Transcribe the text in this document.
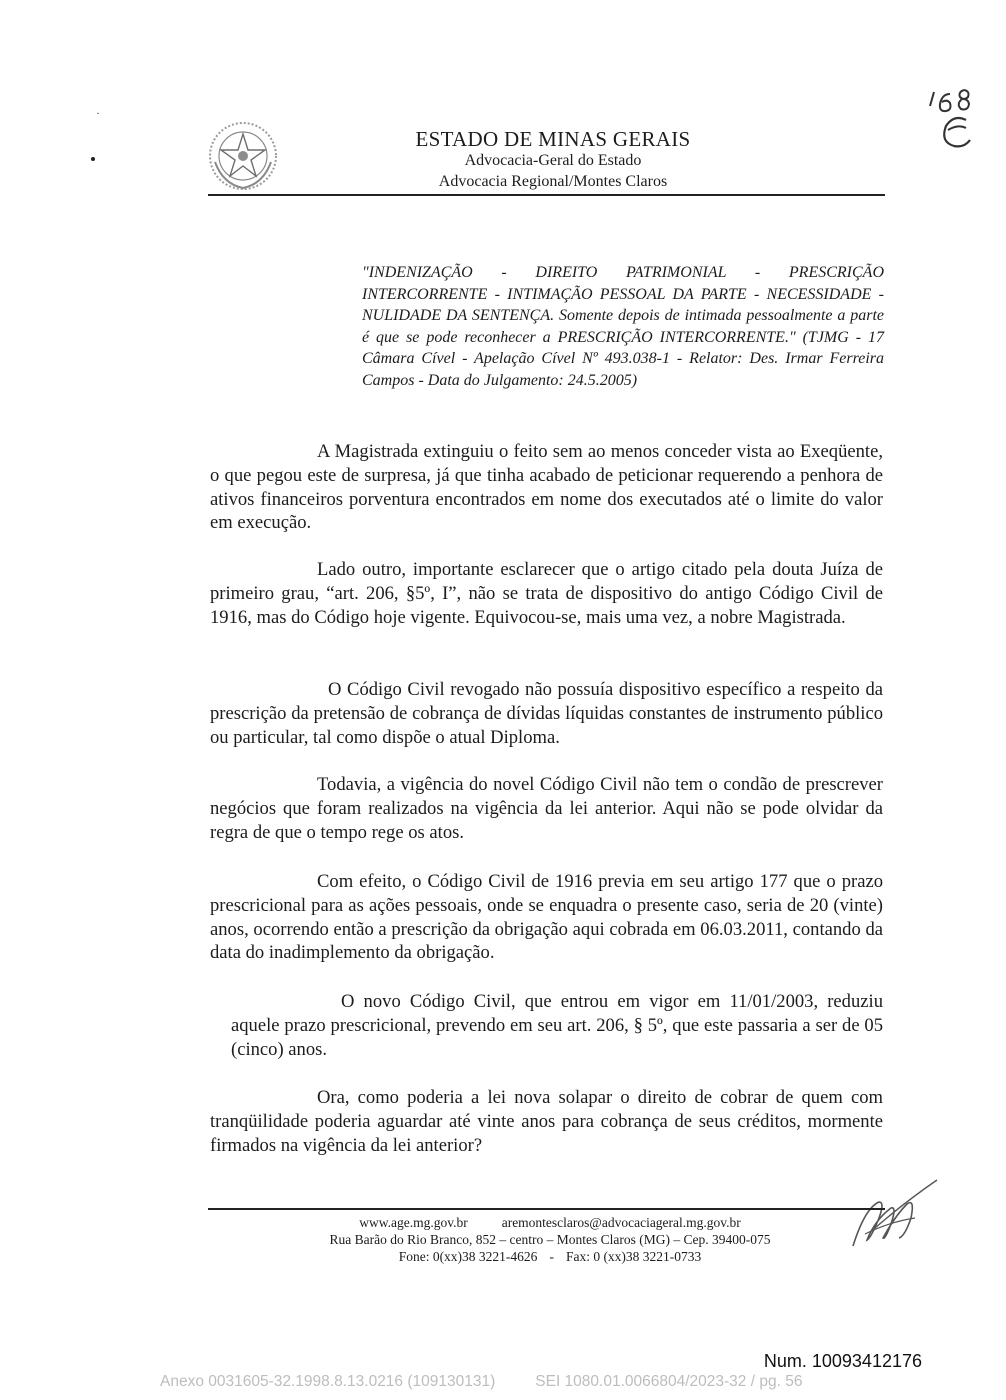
·
ESTADO DE MINAS GERAIS
Advocacia-Geral do Estado
Advocacia Regional/Montes Claros
"INDENIZAÇÃO - DIREITO PATRIMONIAL - PRESCRIÇÃO INTERCORRENTE - INTIMAÇÃO PESSOAL DA PARTE - NECESSIDADE - NULIDADE DA SENTENÇA. Somente depois de intimada pessoalmente a parte é que se pode reconhecer a PRESCRIÇÃO INTERCORRENTE." (TJMG - 17 Câmara Cível - Apelação Cível Nº 493.038-1 - Relator: Des. Irmar Ferreira Campos - Data do Julgamento: 24.5.2005)
A Magistrada extinguiu o feito sem ao menos conceder vista ao Exeqüente, o que pegou este de surpresa, já que tinha acabado de peticionar requerendo a penhora de ativos financeiros porventura encontrados em nome dos executados até o limite do valor em execução.
Lado outro, importante esclarecer que o artigo citado pela douta Juíza de primeiro grau, “art. 206, §5º, I”, não se trata de dispositivo do antigo Código Civil de 1916, mas do Código hoje vigente. Equivocou-se, mais uma vez, a nobre Magistrada.
O Código Civil revogado não possuía dispositivo específico a respeito da prescrição da pretensão de cobrança de dívidas líquidas constantes de instrumento público ou particular, tal como dispõe o atual Diploma.
Todavia, a vigência do novel Código Civil não tem o condão de prescrever negócios que foram realizados na vigência da lei anterior. Aqui não se pode olvidar da regra de que o tempo rege os atos.
Com efeito, o Código Civil de 1916 previa em seu artigo 177 que o prazo prescricional para as ações pessoais, onde se enquadra o presente caso, seria de 20 (vinte) anos, ocorrendo então a prescrição da obrigação aqui cobrada em 06.03.2011, contando da data do inadimplemento da obrigação.
O novo Código Civil, que entrou em vigor em 11/01/2003, reduziu aquele prazo prescricional, prevendo em seu art. 206, § 5º, que este passaria a ser de 05 (cinco) anos.
Ora, como poderia a lei nova solapar o direito de cobrar de quem com tranqüilidade poderia aguardar até vinte anos para cobrança de seus créditos, mormente firmados na vigência da lei anterior?
www.age.mg.gov.br	aremontesclaros@advocaciageral.mg.gov.br
Rua Barão do Rio Branco, 852 – centro – Montes Claros (MG) – Cep. 39400-075
Fone: 0(xx)38 3221-4626 - Fax: 0 (xx)38 3221-0733
Num. 10093412176
Anexo 0031605-32.1998.8.13.0216 (109130131)	SEI 1080.01.0066804/2023-32 / pg. 56
